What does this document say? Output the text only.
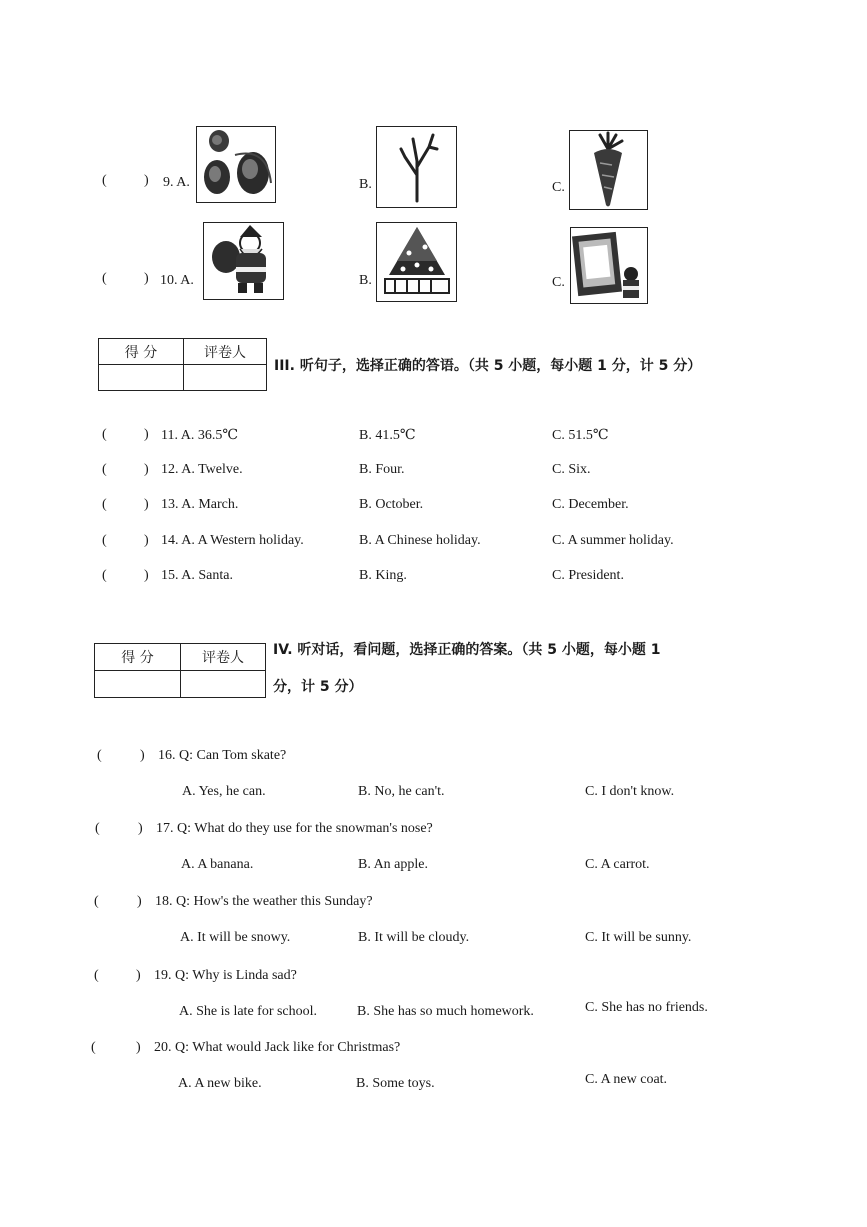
(	) 9. A.	B.	C.
(	) 10. A.	B.	C.
得 分	评卷人

III. 听句子，选择正确的答语。（共 5 小题，每小题 1 分，计 5 分）
(	) 11. A. 36.5℃	B. 41.5℃	C. 51.5℃
(	) 12. A. Twelve.	B. Four.	C. Six.
(	) 13. A. March.	B. October.	C. December.
(	) 14. A. A Western holiday.	B. A Chinese holiday.	C. A summer holiday.
(	) 15. A. Santa.	B. King.	C. President.
得 分	评卷人
	IV. 听对话，看问题，选择正确的答案。（共 5 小题，每小题 1
分，计 5 分）
(	) 16. Q: Can Tom skate?
A. Yes, he can.	B. No, he can't.	C. I don't know.
(	) 17. Q: What do they use for the snowman's nose?
A. A banana.	B. An apple.	C. A carrot.
(	) 18. Q: How's the weather this Sunday?
A. It will be snowy.	B. It will be cloudy.	C. It will be sunny.
(	) 19. Q: Why is Linda sad?
A. She is late for school.	B. She has so much homework.	C. She has no friends.
(	) 20. Q: What would Jack like for Christmas?
A. A new bike.	B. Some toys.	C. A new coat.
